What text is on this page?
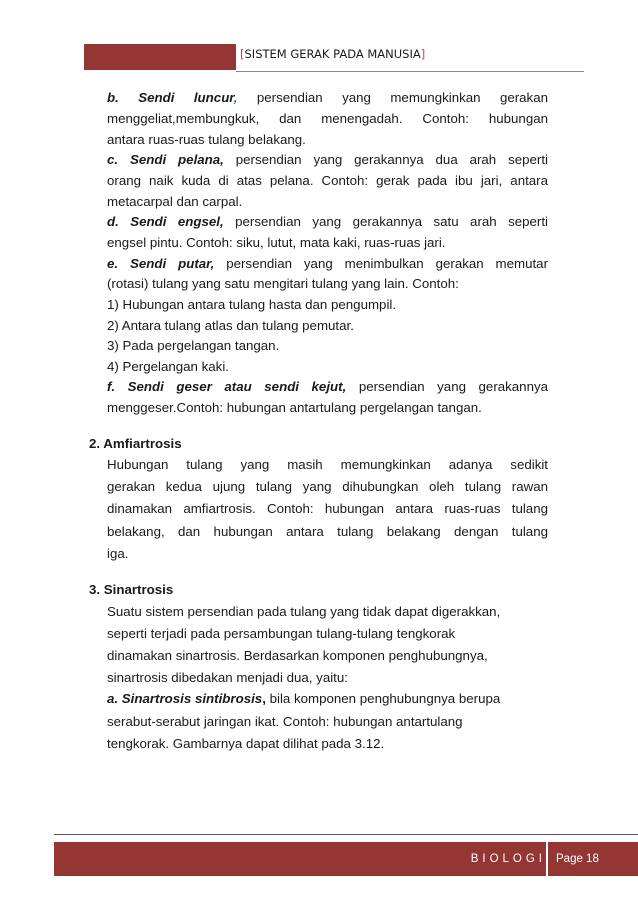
[SISTEM GERAK PADA MANUSIA]
b. Sendi luncur, persendian yang memungkinkan gerakan
menggeliat,membungkuk, dan menengadah. Contoh: hubungan
antara ruas-ruas tulang belakang.
c. Sendi pelana, persendian yang gerakannya dua arah seperti
orang naik kuda di atas pelana. Contoh: gerak pada ibu jari, antara
metacarpal dan carpal.
d. Sendi engsel, persendian yang gerakannya satu arah seperti
engsel pintu. Contoh: siku, lutut, mata kaki, ruas-ruas jari.
e. Sendi putar, persendian yang menimbulkan gerakan memutar
(rotasi) tulang yang satu mengitari tulang yang lain. Contoh:
1) Hubungan antara tulang hasta dan pengumpil.
2) Antara tulang atlas dan tulang pemutar.
3) Pada pergelangan tangan.
4) Pergelangan kaki.
f. Sendi geser atau sendi kejut, persendian yang gerakannya
menggeser.Contoh: hubungan antartulang pergelangan tangan.
2. Amfiartrosis
Hubungan tulang yang masih memungkinkan adanya sedikit
gerakan kedua ujung tulang yang dihubungkan oleh tulang rawan
dinamakan amfiartrosis. Contoh: hubungan antara ruas-ruas tulang
belakang, dan hubungan antara tulang belakang dengan tulang
iga.
3. Sinartrosis
Suatu sistem persendian pada tulang yang tidak dapat digerakkan,
seperti terjadi pada persambungan tulang-tulang tengkorak
dinamakan sinartrosis. Berdasarkan komponen penghubungnya,
sinartrosis dibedakan menjadi dua, yaitu:
a. Sinartrosis sintibrosis, bila komponen penghubungnya berupa
serabut-serabut jaringan ikat. Contoh: hubungan antartulang
tengkorak. Gambarnya dapat dilihat pada 3.12.
BIOLOGI Page 18
